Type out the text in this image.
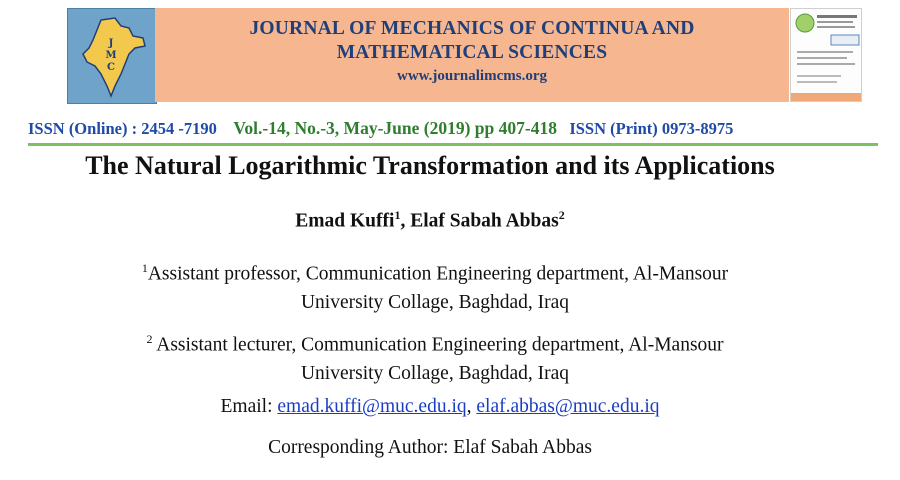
J
M
C
JOURNAL OF MECHANICS OF CONTINUA AND
MATHEMATICAL SCIENCES
www.journalimcms.org
ISSN (Online) : 2454 -7190 Vol.-14, No.-3, May-June (2019) pp 407-418 ISSN (Print) 0973-8975
The Natural Logarithmic Transformation and its Applications
Emad Kuffi$^1$, Elaf Sabah Abbas$^2$
$^1$Assistant professor, Communication Engineering department, Al-Mansour
University Collage, Baghdad, Iraq
$^2$ Assistant lecturer, Communication Engineering department, Al-Mansour
University Collage, Baghdad, Iraq
Email: emad.kuffi@muc.edu.iq, elaf.abbas@muc.edu.iq
Corresponding Author: Elaf Sabah Abbas
